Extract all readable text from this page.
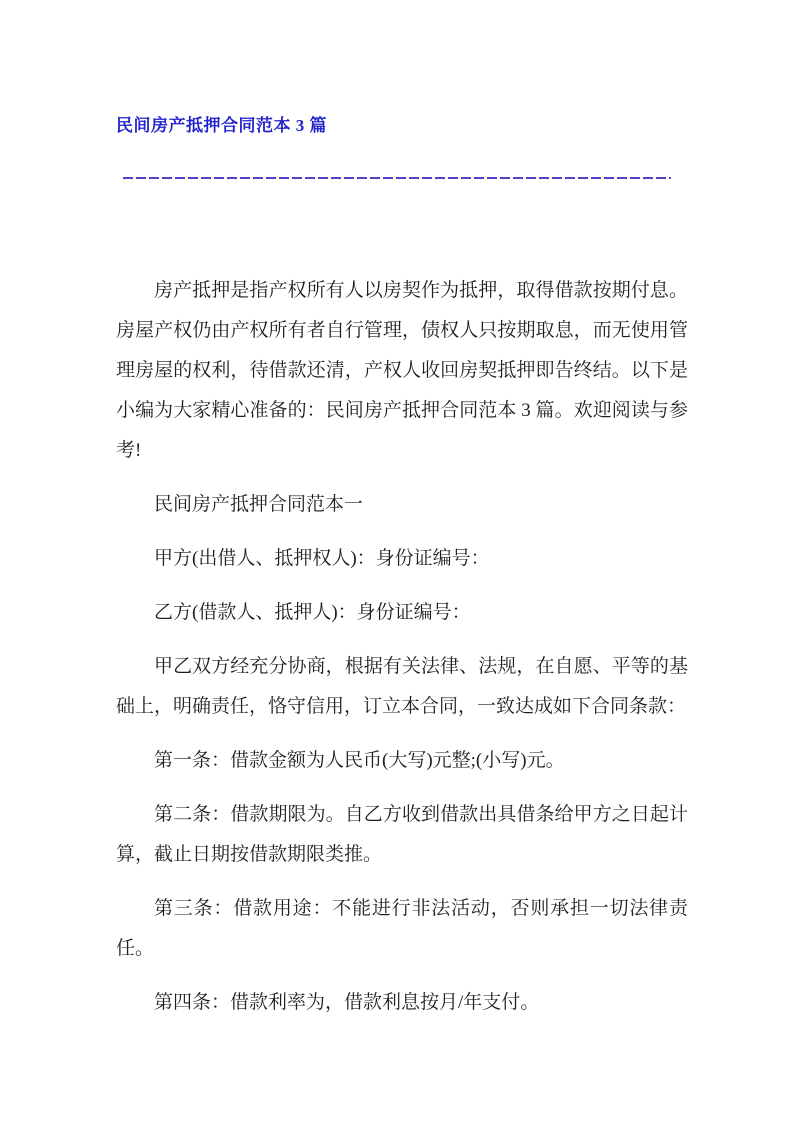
民间房产抵押合同范本 3 篇

房产抵押是指产权所有人以房契作为抵押，取得借款按期付息。房屋产权仍由产权所有者自行管理，债权人只按期取息，而无使用管理房屋的权利，待借款还清，产权人收回房契抵押即告终结。以下是小编为大家精心准备的：民间房产抵押合同范本 3 篇。欢迎阅读与参考!

民间房产抵押合同范本一

甲方(出借人、抵押权人)：身份证编号：

乙方(借款人、抵押人)：身份证编号：

甲乙双方经充分协商，根据有关法律、法规，在自愿、平等的基础上，明确责任，恪守信用，订立本合同，一致达成如下合同条款：

第一条：借款金额为人民币(大写)元整;(小写)元。

第二条：借款期限为。自乙方收到借款出具借条给甲方之日起计算，截止日期按借款期限类推。

第三条：借款用途：不能进行非法活动，否则承担一切法律责任。

第四条：借款利率为，借款利息按月/年支付。
